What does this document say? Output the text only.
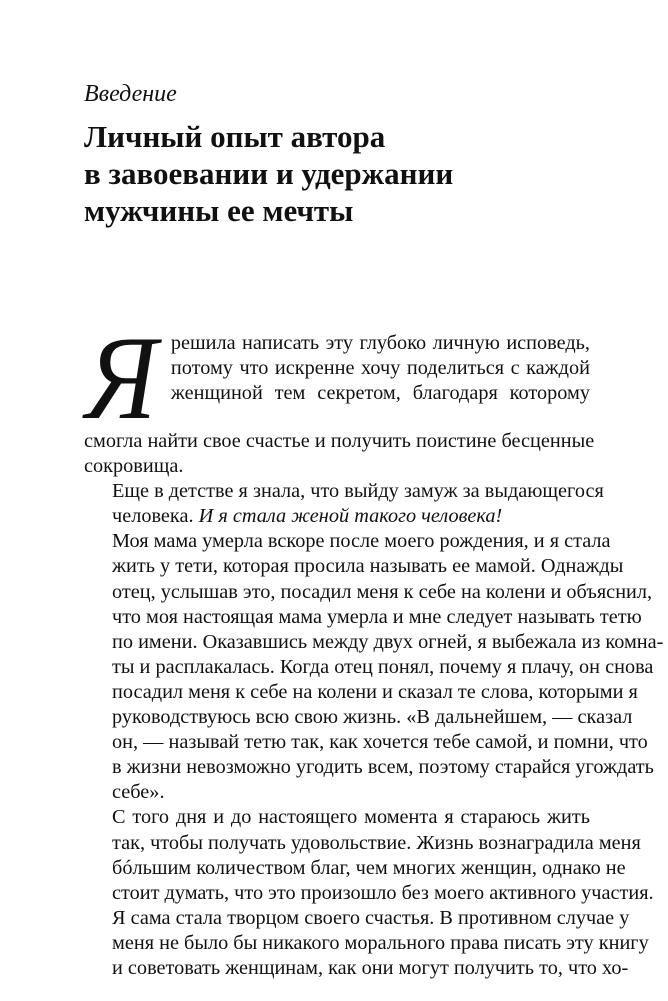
Введение
Личный опыт автора
в завоевании и удержании
мужчины ее мечты
Я решила написать эту глубоко личную исповедь,
потому что искренне хочу поделиться с каждой
женщиной тем секретом, благодаря которому
смогла найти свое счастье и получить поистине бесценные
сокровища.
Еще в детстве я знала, что выйду замуж за выдающегося
человека. И я стала женой такого человека!
Моя мама умерла вскоре после моего рождения, и я стала
жить у тети, которая просила называть ее мамой. Однажды
отец, услышав это, посадил меня к себе на колени и объяснил,
что моя настоящая мама умерла и мне следует называть тетю
по имени. Оказавшись между двух огней, я выбежала из комна-
ты и расплакалась. Когда отец понял, почему я плачу, он снова
посадил меня к себе на колени и сказал те слова, которыми я
руководствуюсь всю свою жизнь. «В дальнейшем, — сказал
он, — называй тетю так, как хочется тебе самой, и помни, что
в жизни невозможно угодить всем, поэтому старайся угождать
себе».
С того дня и до настоящего момента я стараюсь жить
так, чтобы получать удовольствие. Жизнь вознаградила меня
бóльшим количеством благ, чем многих женщин, однако не
стоит думать, что это произошло без моего активного участия.
Я сама стала творцом своего счастья. В противном случае у
меня не было бы никакого морального права писать эту книгу
и советовать женщинам, как они могут получить то, что хо-
